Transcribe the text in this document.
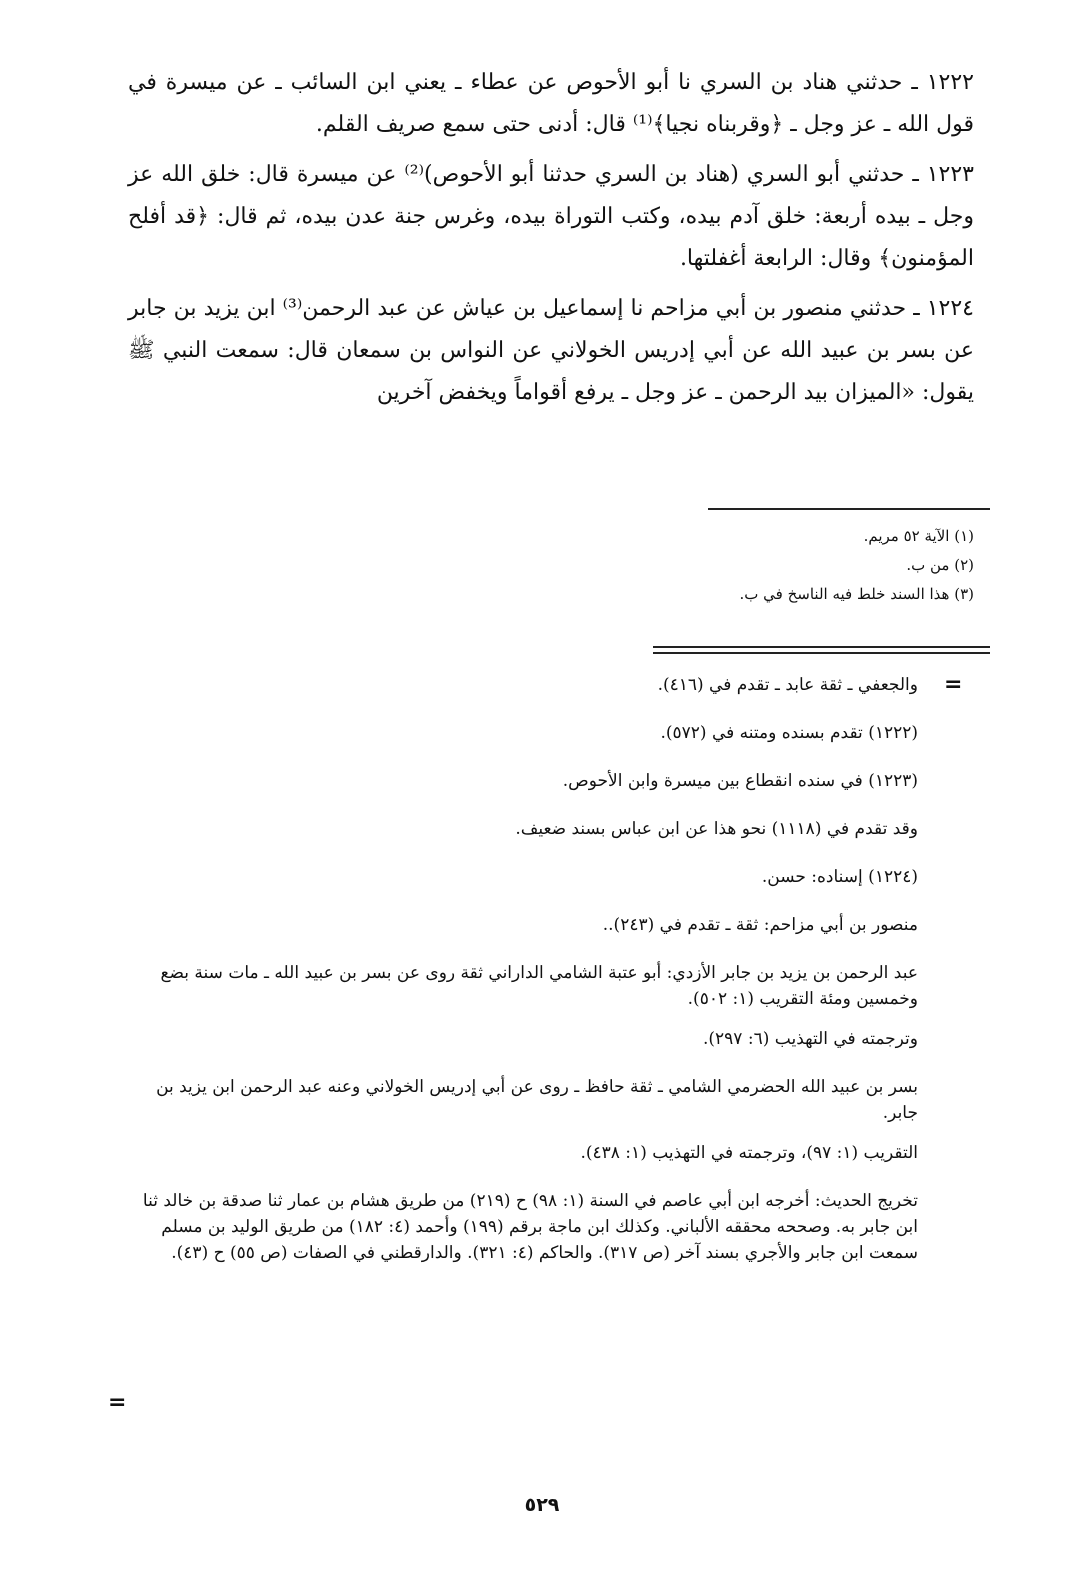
١٢٢٢ ـ حدثني هناد بن السري نا أبو الأحوص عن عطاء ـ يعني ابن السائب ـ عن ميسرة في قول الله ـ عز وجل ـ ﴿وقربناه نجيا﴾⁽¹⁾ قال: أدنى حتى سمع صريف القلم.

١٢٢٣ ـ حدثني أبو السري (هناد بن السري حدثنا أبو الأحوص)⁽²⁾ عن ميسرة قال: خلق الله عز وجل ـ بيده أربعة: خلق آدم بيده، وكتب التوراة بيده، وغرس جنة عدن بيده، ثم قال: ﴿قد أفلح المؤمنون﴾ وقال: الرابعة أغفلتها.

١٢٢٤ ـ حدثني منصور بن أبي مزاحم نا إسماعيل بن عياش عن عبد الرحمن⁽³⁾ ابن يزيد بن جابر عن بسر بن عبيد الله عن أبي إدريس الخولاني عن النواس بن سمعان قال: سمعت النبي ﷺ يقول: «الميزان بيد الرحمن ـ عز وجل ـ يرفع أقواماً ويخفض آخرين

(١) الآية ٥٢ مريم.
(٢) من ب.
(٣) هذا السند خلط فيه الناسخ في ب.
=

والجعفي ـ ثقة عابد ـ تقدم في (٤١٦).

(١٢٢٢) تقدم بسنده ومتنه في (٥٧٢).

(١٢٢٣) في سنده انقطاع بين ميسرة وابن الأحوص.

وقد تقدم في (١١١٨) نحو هذا عن ابن عباس بسند ضعيف.

(١٢٢٤) إسناده: حسن.

منصور بن أبي مزاحم: ثقة ـ تقدم في (٢٤٣)..

عبد الرحمن بن يزيد بن جابر الأزدي: أبو عتبة الشامي الداراني ثقة روى عن بسر بن عبيد الله ـ مات سنة بضع وخمسين ومئة التقريب (١: ٥٠٢).

وترجمته في التهذيب (٦: ٢٩٧).

بسر بن عبيد الله الحضرمي الشامي ـ ثقة حافظ ـ روى عن أبي إدريس الخولاني وعنه عبد الرحمن ابن يزيد بن جابر.

التقريب (١: ٩٧)، وترجمته في التهذيب (١: ٤٣٨).

تخريج الحديث: أخرجه ابن أبي عاصم في السنة (١: ٩٨) ح (٢١٩) من طريق هشام بن عمار ثنا صدقة بن خالد ثنا ابن جابر به. وصححه محققه الألباني. وكذلك ابن ماجة برقم (١٩٩) وأحمد (٤: ١٨٢) من طريق الوليد بن مسلم سمعت ابن جابر والأجري بسند آخر (ص ٣١٧). والحاكم (٤: ٣٢١). والدارقطني في الصفات (ص ٥٥) ح (٤٣).

=
٥٢٩
